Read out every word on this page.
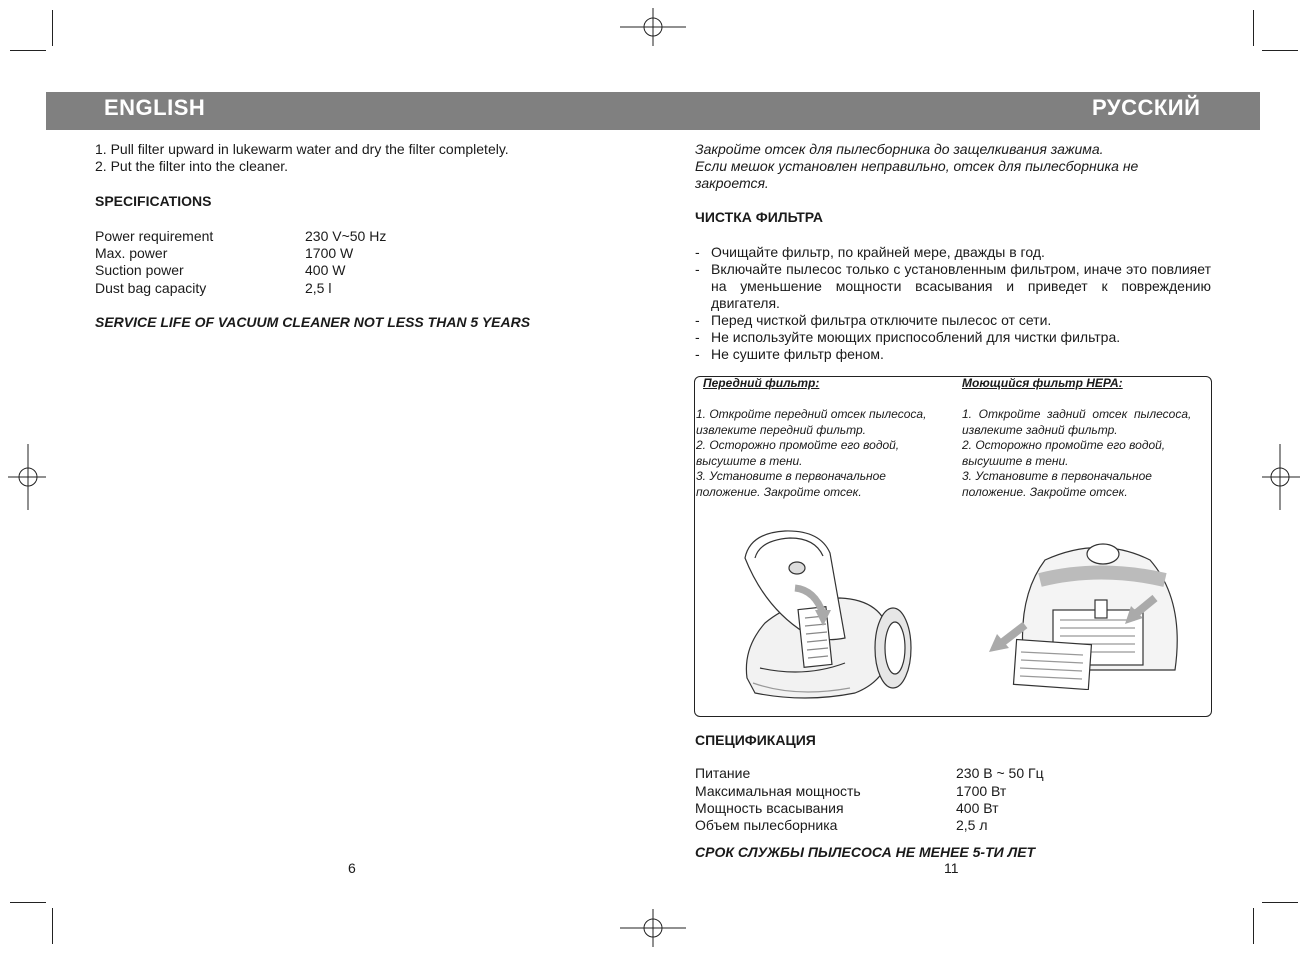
ENGLISH	РУССКИЙ
1. Pull filter upward in lukewarm water and dry the filter completely.
2. Put the filter into the cleaner.
SPECIFICATIONS
Power requirement	230 V~50 Hz
Max. power	1700 W
Suction power	400 W
Dust bag capacity	2,5 l
SERVICE LIFE OF VACUUM CLEANER NOT LESS THAN 5 YEARS
6
Закройте отсек для пылесборника до защелкивания зажима.
Если мешок установлен неправильно, отсек для пылесборника не
закроется.
ЧИСТКА ФИЛЬТРА
- Очищайте фильтр, по крайней мере, дважды в год.
- Включайте пылесос только с установленным фильтром, иначе это повлияет на уменьшение мощности всасывания и приведет к повреждению двигателя.
- Перед чисткой фильтра отключите пылесос от сети.
- Не используйте моющих приспособлений для чистки фильтра.
- Не сушите фильтр феном.

Передний фильтр:

1. Откройте передний отсек пылесоса,

извлеките передний фильтр.

2. Осторожно промойте его водой,

высушите в тени.

3. Установите в первоначальное

положение. Закройте отсек.

Моющийся фильтр HEPA:

1.  Откройте  задний  отсек  пылесоса,

извлеките задний фильтр.

2. Осторожно промойте его водой,

высушите в тени.

3. Установите в первоначальное

положение. Закройте отсек.

СПЕЦИФИКАЦИЯ
Питание	230 В ~ 50 Гц
Максимальная мощность	1700 Вт
Мощность всасывания	400 Вт
Объем пылесборника	2,5 л
СРОК СЛУЖБЫ ПЫЛЕСОСА НЕ МЕНЕЕ 5-ТИ ЛЕТ
11
